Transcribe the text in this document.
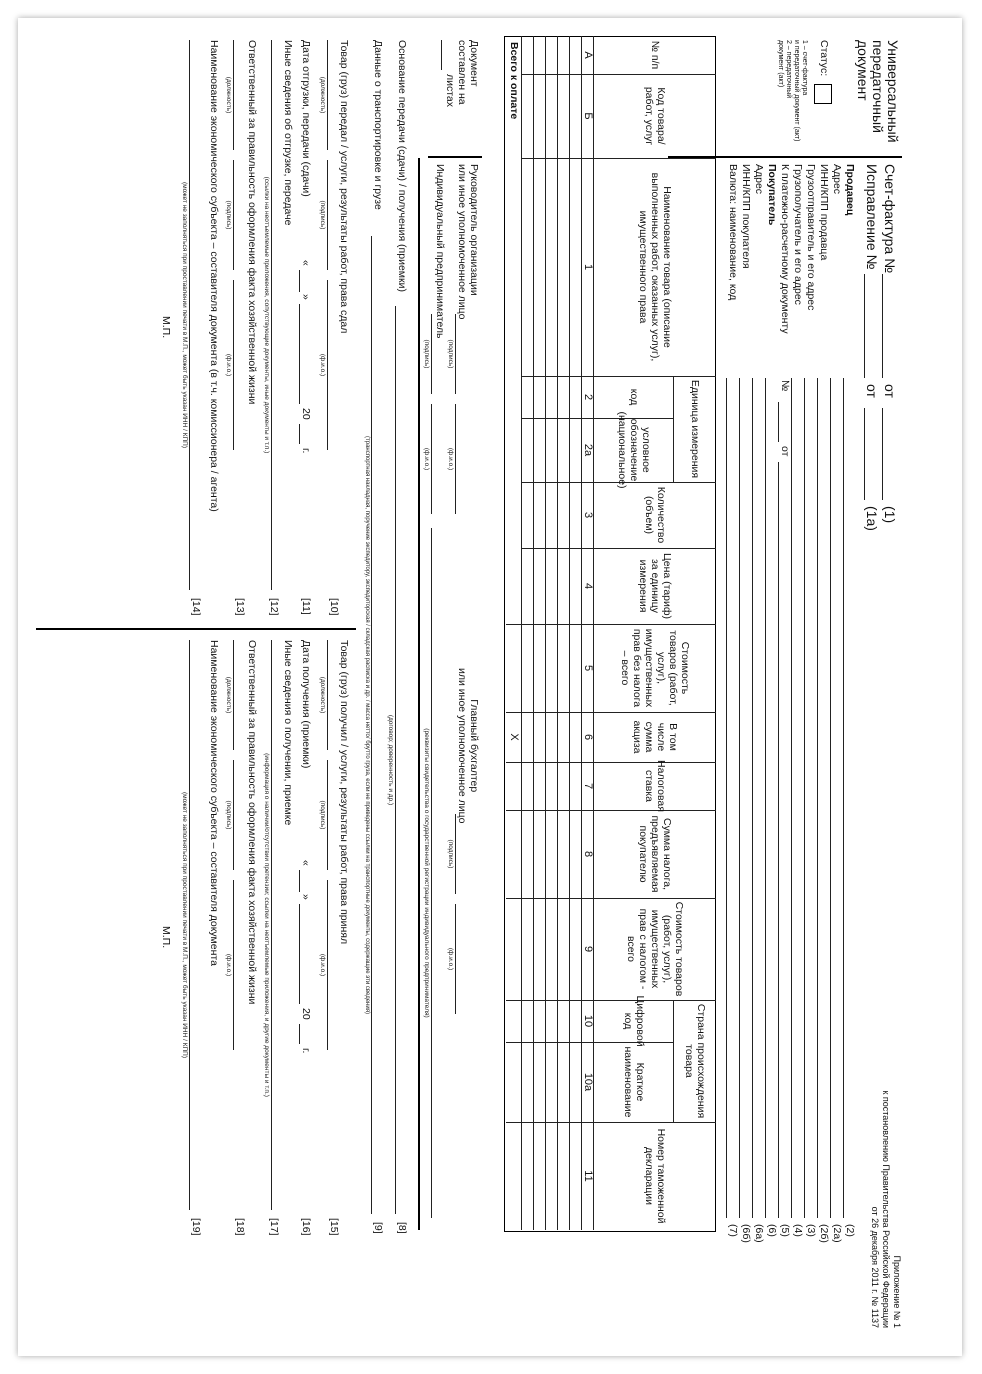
Универсальный
передаточный
документ
Статус:
1 – счет-фактура
и передаточный документ (акт)
2 – передаточный
документ (акт)
Приложение № 1
к постановлению Правительства Российской Федерации
от 26 декабря 2011 г. № 1137
Счет-фактура №
от
(1)
Исправление №
от
(1а)
Продавец
(2)
Адрес
(2а)
ИНН/КПП продавца
(2б)
Грузоотправитель и его адрес
(3)
Грузополучатель и его адрес
(4)
К платежно-расчетному документу
№
от
(5)
Покупатель
(6)
Адрес
(6а)
ИНН/КПП покупателя
(6б)
Валюта: наименование, код
(7)
Единица измерения
Страна происхождения товара
№ п/п
Код товара/ работ, услуг
Наименование товара (описание выполненных работ, оказанных услуг), имущественного права
код
условное обозначение (национальное)
Количество (объем)
Цена (тариф) за единицу измерения
Стоимость товаров (работ, услуг), имущественных прав без налога – всего
В том числе сумма акциза
Налоговая ставка
Сумма налога, предъявляемая покупателю
Стоимость товаров (работ, услуг), имущественных прав с налогом - всего
Цифровой код
Краткое наименование
Номер таможенной декларации
А
Б
1
2
2а
3
4
5
6
7
8
9
10
10а
11
Всего к оплате
Х
Документ
составлен на
листах
Руководитель организации
или иное уполномоченное лицо
(подпись)
(ф.и.о.)
Главный бухгалтер
или иное уполномоченное лицо
(подпись)
(ф.и.о.)
Индивидуальный предприниматель
(подпись)
(ф.и.о.)
(реквизиты свидетельства о государственной регистрации индивидуального предпринимателя)
Основание передачи (сдачи) / получения (приемки)
(договор; доверенность и др.)
[8]
Данные о транспортировке и грузе
(транспортная накладная, поручение экспедитору, экспедиторская / складская расписка и др. / масса нетто/ брутто груза, если не приведены ссылки на транспортные документы, содержащие эти сведения)
[9]
Товар (груз) передал / услуги, результаты работ, права сдал
(должность)
(подпись)
(ф.и.о.)
[10]
Дата отгрузки, передачи (сдачи)
«
»
20
г.
[11]
Иные сведения об отгрузке, передаче
(ссылки на неотъемлемые приложения, сопутствующие документы, иные документы и т.п.)
[12]
Ответственный за правильность оформления факта хозяйственной жизни
(должность)
(подпись)
(ф.и.о.)
[13]
Наименование экономического субъекта – составителя документа (в т.ч. комиссионера / агента)
(может не заполняться при проставлении печати в М.П., может быть указан ИНН / КПП)
[14]
М.П.
Товар (груз) получил / услуги, результаты работ, права принял
(должность)
(подпись)
(ф.и.о.)
[15]
Дата получения (приемки)
«
»
20
г.
[16]
Иные сведения о получении, приемке
(информация о наличии/отсутствии претензии; ссылки на неотъемлемые приложения, и другие документы и т.п.)
[17]
Ответственный за правильность оформления факта хозяйственной жизни
(должность)
(подпись)
(ф.и.о.)
[18]
Наименование экономического субъекта – составителя документа
(может не заполняться при проставлении печати в М.П., может быть указан ИНН / КПП)
[19]
М.П.
